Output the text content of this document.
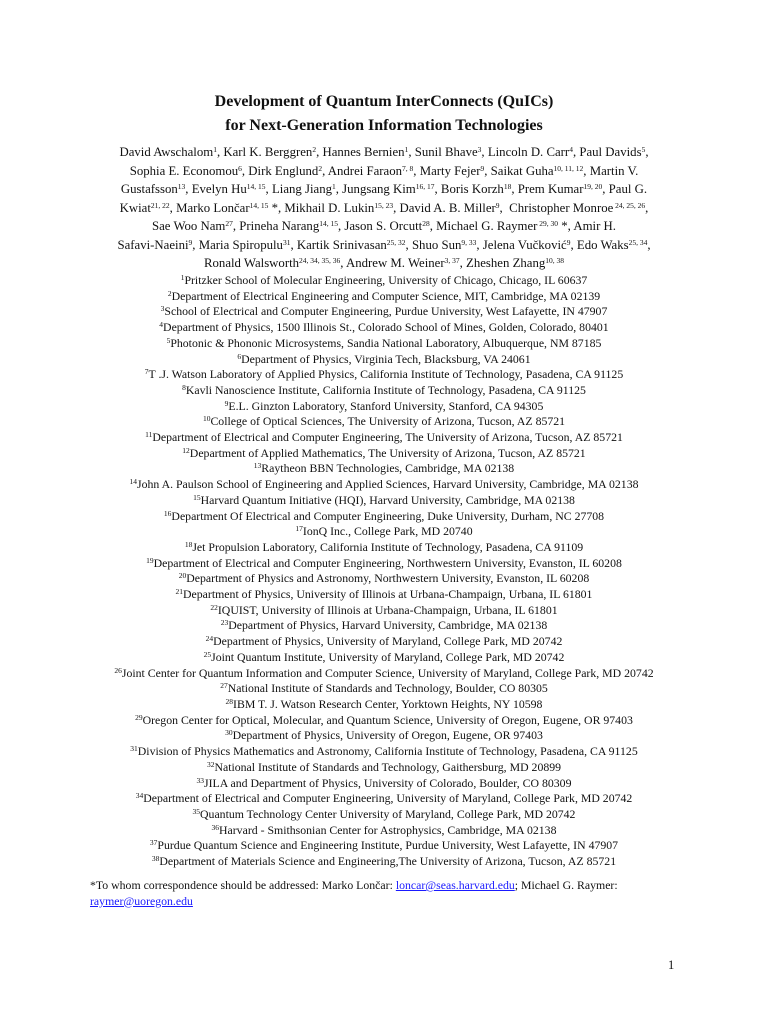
Development of Quantum InterConnects (QuICs)
for Next-Generation Information Technologies
David Awschalom$^1$, Karl K. Berggren$^2$, Hannes Bernien$^1$, Sunil Bhave$^3$, Lincoln D. Carr$^4$, Paul Davids$^5$,
Sophia E. Economou$^6$, Dirk Englund$^2$, Andrei Faraon$^{7, 8}$, Marty Fejer$^9$, Saikat Guha$^{10, 11, 12}$, Martin V.
Gustafsson$^{13}$, Evelyn Hu$^{14, 15}$, Liang Jiang$^1$, Jungsang Kim$^{16, 17}$, Boris Korzh$^{18}$, Prem Kumar$^{19, 20}$, Paul G.
Kwiat$^{21, 22}$, Marko Lončar$^{14, 15}$ *, Mikhail D. Lukin$^{15, 23}$, David A. B. Miller$^9$,  Christopher Monroe $^{24, 25, 26}$,
Sae Woo Nam$^{27}$, Prineha Narang$^{14, 15}$, Jason S. Orcutt$^{28}$, Michael G. Raymer $^{29, 30}$ *, Amir H.
Safavi-Naeini$^9$, Maria Spiropulu$^{31}$, Kartik Srinivasan$^{25, 32}$, Shuo Sun$^{9, 33}$, Jelena Vučković$^9$, Edo Waks$^{25, 34}$,
Ronald Walsworth$^{24, 34, 35, 36}$, Andrew M. Weiner$^{3, 37}$, Zheshen Zhang$^{10, 38}$
$^1$Pritzker School of Molecular Engineering, University of Chicago, Chicago, IL 60637
$^2$Department of Electrical Engineering and Computer Science, MIT, Cambridge, MA 02139
$^3$School of Electrical and Computer Engineering, Purdue University, West Lafayette, IN 47907
$^4$Department of Physics, 1500 Illinois St., Colorado School of Mines, Golden, Colorado, 80401
$^5$Photonic & Phononic Microsystems, Sandia National Laboratory, Albuquerque, NM 87185
$^6$Department of Physics, Virginia Tech, Blacksburg, VA 24061
$^7$T .J. Watson Laboratory of Applied Physics, California Institute of Technology, Pasadena, CA 91125
$^8$Kavli Nanoscience Institute, California Institute of Technology, Pasadena, CA 91125
$^9$E.L. Ginzton Laboratory, Stanford University, Stanford, CA 94305
$^{10}$College of Optical Sciences, The University of Arizona, Tucson, AZ 85721
$^{11}$Department of Electrical and Computer Engineering, The University of Arizona, Tucson, AZ 85721
$^{12}$Department of Applied Mathematics, The University of Arizona, Tucson, AZ 85721
$^{13}$Raytheon BBN Technologies, Cambridge, MA 02138
$^{14}$John A. Paulson School of Engineering and Applied Sciences, Harvard University, Cambridge, MA 02138
$^{15}$Harvard Quantum Initiative (HQI), Harvard University, Cambridge, MA 02138
$^{16}$Department Of Electrical and Computer Engineering, Duke University, Durham, NC 27708
$^{17}$IonQ Inc., College Park, MD 20740
$^{18}$Jet Propulsion Laboratory, California Institute of Technology, Pasadena, CA 91109
$^{19}$Department of Electrical and Computer Engineering, Northwestern University, Evanston, IL 60208
$^{20}$Department of Physics and Astronomy, Northwestern University, Evanston, IL 60208
$^{21}$Department of Physics, University of Illinois at Urbana-Champaign, Urbana, IL 61801
$^{22}$IQUIST, University of Illinois at Urbana-Champaign, Urbana, IL 61801
$^{23}$Department of Physics, Harvard University, Cambridge, MA 02138
$^{24}$Department of Physics, University of Maryland, College Park, MD 20742
$^{25}$Joint Quantum Institute, University of Maryland, College Park, MD 20742
$^{26}$Joint Center for Quantum Information and Computer Science, University of Maryland, College Park, MD 20742
$^{27}$National Institute of Standards and Technology, Boulder, CO 80305
$^{28}$IBM T. J. Watson Research Center, Yorktown Heights, NY 10598
$^{29}$Oregon Center for Optical, Molecular, and Quantum Science, University of Oregon, Eugene, OR 97403
$^{30}$Department of Physics, University of Oregon, Eugene, OR 97403
$^{31}$Division of Physics Mathematics and Astronomy, California Institute of Technology, Pasadena, CA 91125
$^{32}$National Institute of Standards and Technology, Gaithersburg, MD 20899
$^{33}$JILA and Department of Physics, University of Colorado, Boulder, CO 80309
$^{34}$Department of Electrical and Computer Engineering, University of Maryland, College Park, MD 20742
$^{35}$Quantum Technology Center University of Maryland, College Park, MD 20742
$^{36}$Harvard - Smithsonian Center for Astrophysics, Cambridge, MA 02138
$^{37}$Purdue Quantum Science and Engineering Institute, Purdue University, West Lafayette, IN 47907
$^{38}$Department of Materials Science and Engineering,The University of Arizona, Tucson, AZ 85721
*To whom correspondence should be addressed: Marko Lončar: loncar@seas.harvard.edu; Michael G. Raymer: raymer@uoregon.edu
1
